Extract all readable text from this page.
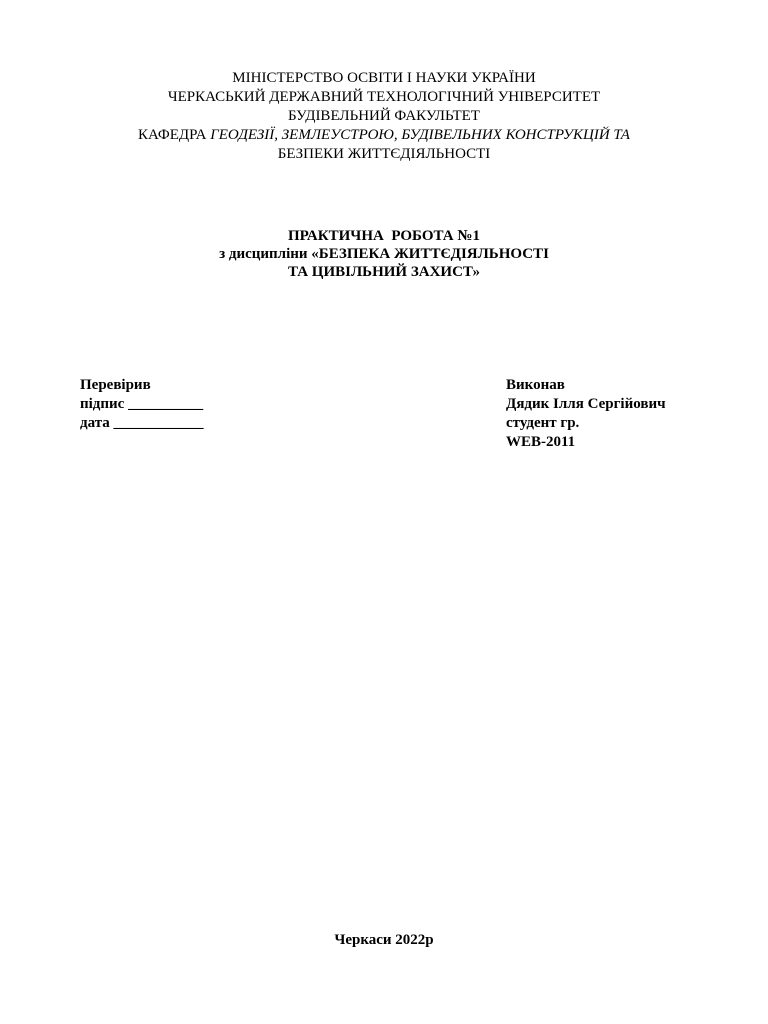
МІНІСТЕРСТВО ОСВІТИ І НАУКИ УКРАЇНИ
ЧЕРКАСЬКИЙ ДЕРЖАВНИЙ ТЕХНОЛОГІЧНИЙ УНІВЕРСИТЕТ
БУДІВЕЛЬНИЙ ФАКУЛЬТЕТ
КАФЕДРА ГЕОДЕЗІЇ, ЗЕМЛЕУСТРОЮ, БУДІВЕЛЬНИХ КОНСТРУКЦІЙ ТА
БЕЗПЕКИ ЖИТТЄДІЯЛЬНОСТІ
ПРАКТИЧНА  РОБОТА №1
з дисципліни «БЕЗПЕКА ЖИТТЄДІЯЛЬНОСТІ
ТА ЦИВІЛЬНИЙ ЗАХИСТ»
Перевірив
підпис __________
дата ____________
Виконав
Дядик Ілля Сергійович
студент гр.
WEB-2011
Черкаси 2022р
